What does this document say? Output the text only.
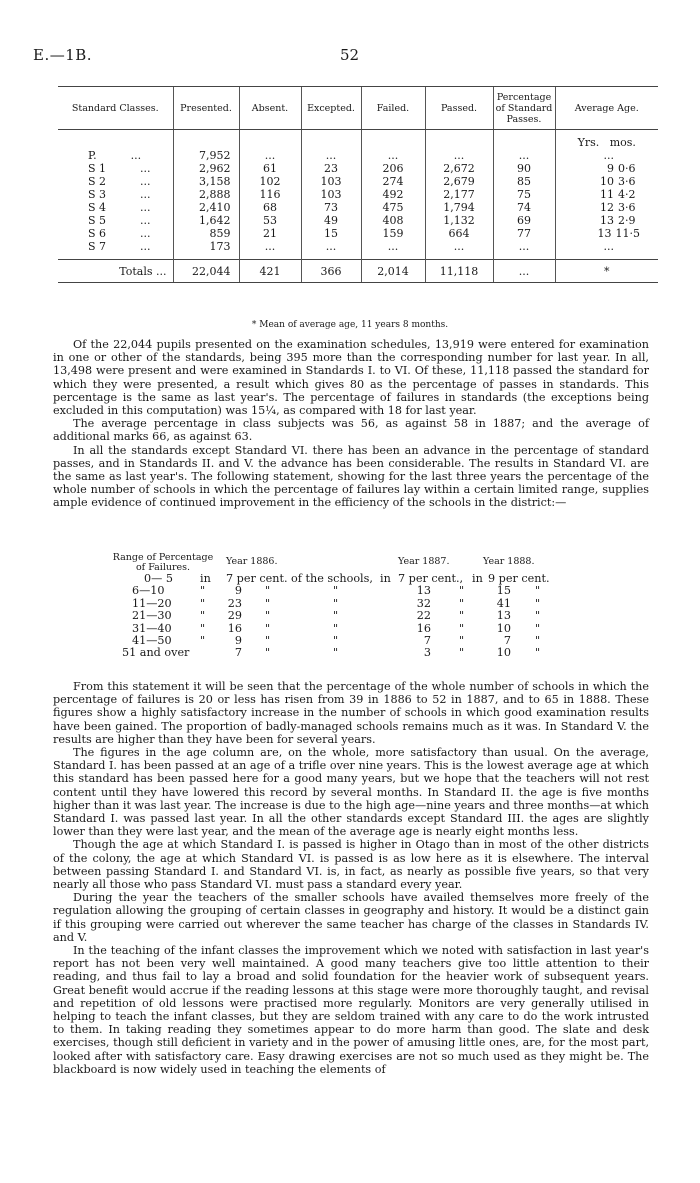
E.—1B.	52
Standard Classes.	Presented.	Absent.	Excepted.	Failed.	Passed.	Percentage of Standard Passes.	Average Age.
							Yrs.   mos.
P. ...	7,952	...	...	...	...	...	...

S 1 ...	2,962	61	23	206	2,672	90	9 0·6

S 2 ...	3,158	102	103	274	2,679	85	10 3·6

S 3 ...	2,888	116	103	492	2,177	75	11 4·2

S 4 ...	2,410	68	73	475	1,794	74	12 3·6

S 5 ...	1,642	53	49	408	1,132	69	13 2·9

S 6 ...	859	21	15	159	664	77	13 11·5

S 7 ...	173	...	...	...	...	...	...

Totals ...	22,044	421	366	2,014	11,118	...	*
* Mean of average age, 11 years 8 months.

Of the 22,044 pupils presented on the examination schedules, 13,919 were entered for examination in one or other of the standards, being 395 more than the corresponding number for last year. In all, 13,498 were present and were examined in Standards I. to VI. Of these, 11,118 passed the standard for which they were presented, a result which gives 80 as the percentage of passes in standards. This percentage is the same as last year's. The percentage of failures in standards (the exceptions being excluded in this computation) was 15¼, as compared with 18 for last year.

The average percentage in class subjects was 56, as against 58 in 1887; and the average of additional marks 66, as against 63.

In all the standards except Standard VI. there has been an advance in the percentage of standard passes, and in Standards II. and V. the advance has been considerable. The results in Standard VI. are the same as last year's. The following statement, showing for the last three years the percentage of the whole number of schools in which the percentage of failures lay within a certain limited range, supplies ample evidence of continued improvement in the efficiency of the schools in the district:—

Range of Percentage of Failures.
Year 1886.	Year 1887.	Year 1888.
0— 5 in 7 per cent. of the schools, in 7 per cent., in 9 per cent.
6—10	"	9 "	"	13	"	15 "
11—20	" 23 "	"	32	"	41 "
21—30	" 29 "	"	22	"	13 "
31—40	" 16 "	"	16	"	10 "
41—50	"	9 "	"	7	"	7 "
51 and over	7 "	"	3	"	10 "

From this statement it will be seen that the percentage of the whole number of schools in which the percentage of failures is 20 or less has risen from 39 in 1886 to 52 in 1887, and to 65 in 1888. These figures show a highly satisfactory increase in the number of schools in which good examination results have been gained. The proportion of badly-managed schools remains much as it was. In Standard V. the results are higher than they have been for several years.

The figures in the age column are, on the whole, more satisfactory than usual. On the average, Standard I. has been passed at an age of a trifle over nine years. This is the lowest average age at which this standard has been passed here for a good many years, but we hope that the teachers will not rest content until they have lowered this record by several months. In Standard II. the age is five months higher than it was last year. The increase is due to the high age—nine years and three months—at which Standard I. was passed last year. In all the other standards except Standard III. the ages are slightly lower than they were last year, and the mean of the average age is nearly eight months less.

Though the age at which Standard I. is passed is higher in Otago than in most of the other districts of the colony, the age at which Standard VI. is passed is as low here as it is elsewhere. The interval between passing Standard I. and Standard VI. is, in fact, as nearly as possible five years, so that very nearly all those who pass Standard VI. must pass a standard every year.

During the year the teachers of the smaller schools have availed themselves more freely of the regulation allowing the grouping of certain classes in geography and history. It would be a distinct gain if this grouping were carried out wherever the same teacher has charge of the classes in Standards IV. and V.

In the teaching of the infant classes the improvement which we noted with satisfaction in last year's report has not been very well maintained. A good many teachers give too little attention to their reading, and thus fail to lay a broad and solid foundation for the heavier work of subsequent years. Great benefit would accrue if the reading lessons at this stage were more thoroughly taught, and revisal and repetition of old lessons were practised more regularly. Monitors are very generally utilised in helping to teach the infant classes, but they are seldom trained with any care to do the work intrusted to them. In taking reading they sometimes appear to do more harm than good. The slate and desk exercises, though still deficient in variety and in the power of amusing little ones, are, for the most part, looked after with satisfactory care. Easy drawing exercises are not so much used as they might be. The blackboard is now widely used in teaching the elements of
